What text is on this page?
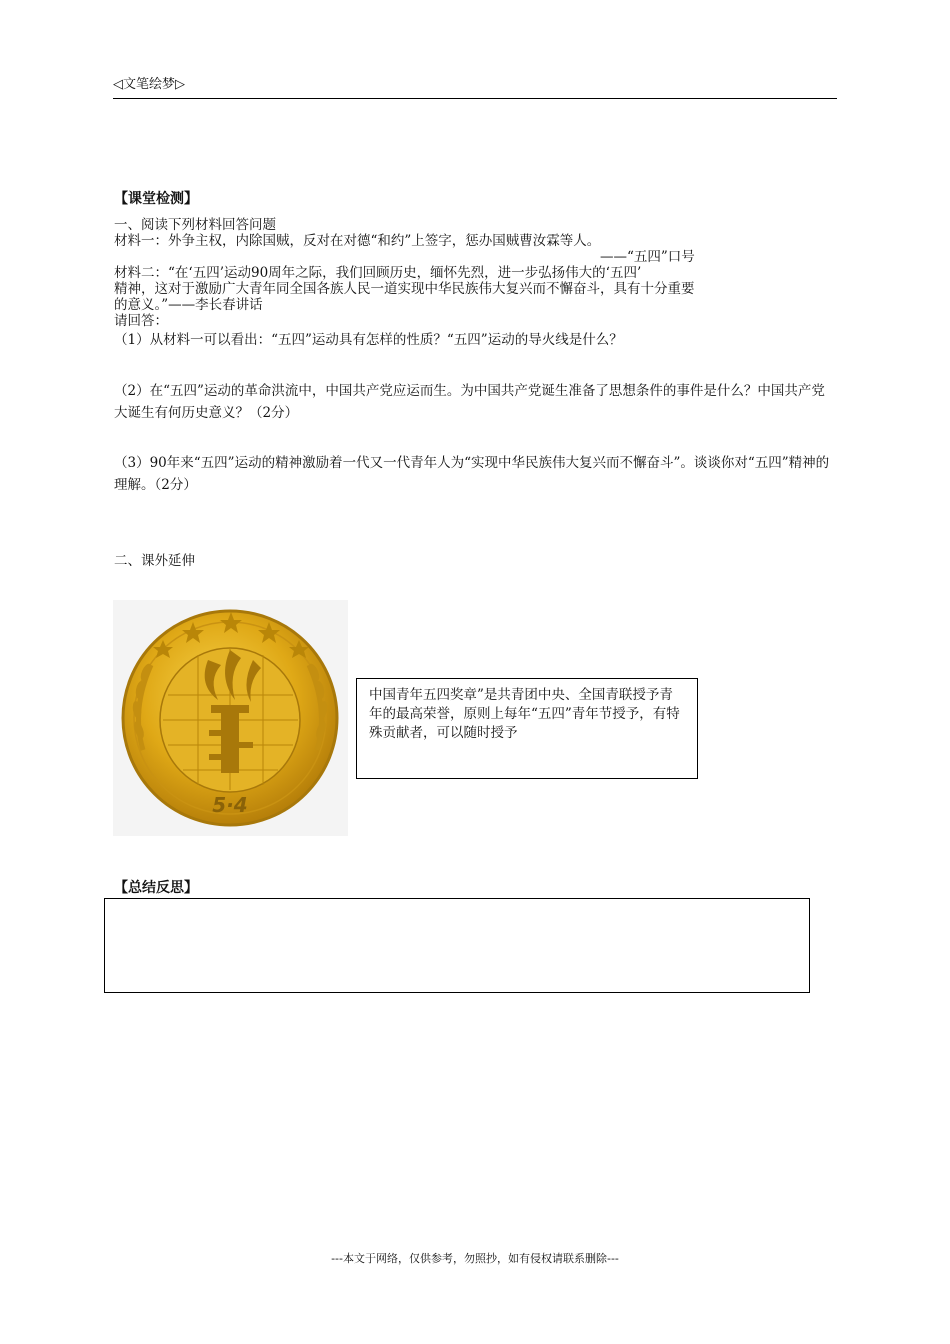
◁文笔绘梦▷
【课堂检测】
一、阅读下列材料回答问题
材料一：外争主权，内除国贼，反对在对德“和约”上签字，惩办国贼曹汝霖等人。
——“五四”口号
材料二：“在‘五四’运动90周年之际，我们回顾历史，缅怀先烈，进一步弘扬伟大的‘五四’
精神，这对于激励广大青年同全国各族人民一道实现中华民族伟大复兴而不懈奋斗，具有十分重要
的意义。”——李长春讲话
请回答：
（1）从材料一可以看出：“五四”运动具有怎样的性质？“五四”运动的导火线是什么？
（2）在“五四”运动的革命洪流中，中国共产党应运而生。为中国共产党诞生准备了思想条件的事件是什么？中国共产党大诞生有何历史意义？（2分）
（3）90年来“五四”运动的精神激励着一代又一代青年人为“实现中华民族伟大复兴而不懈奋斗”。谈谈你对“五四”精神的理解。（2分）
二、课外延伸
5·4
中国青年五四奖章”是共青团中央、全国青联授予青年的最高荣誉，原则上每年“五四”青年节授予，有特殊贡献者，可以随时授予
【总结反思】
---本文于网络，仅供参考，勿照抄，如有侵权请联系删除---
